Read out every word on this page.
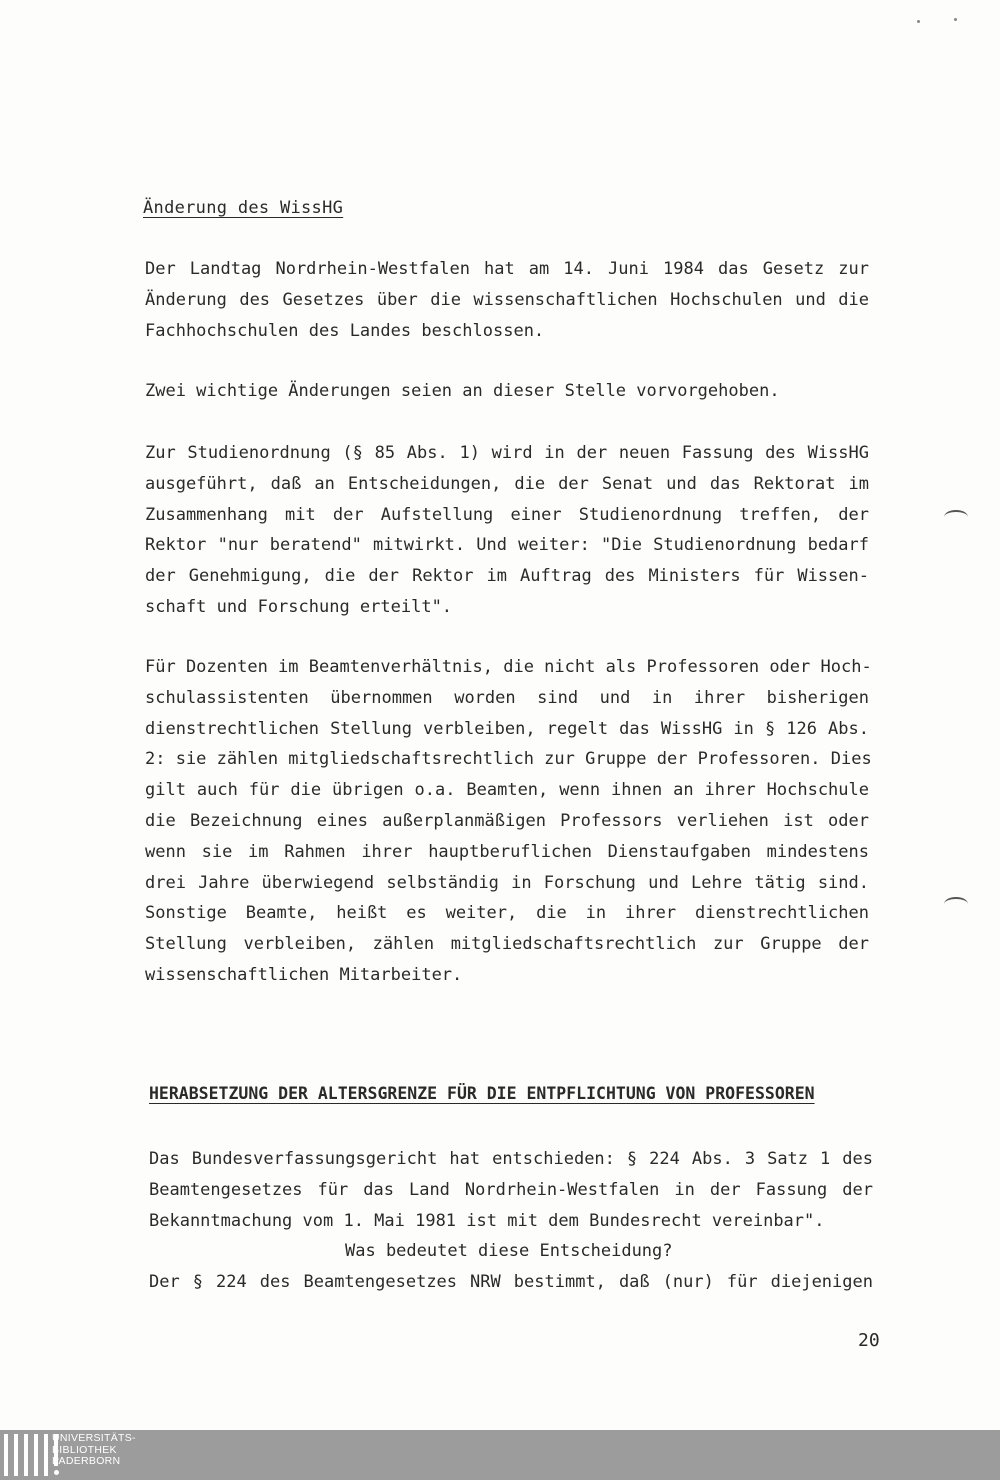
Änderung des WissHG
Der Landtag Nordrhein-Westfalen hat am 14. Juni 1984 das Gesetz zur
Änderung des Gesetzes über die wissenschaftlichen Hochschulen und die
Fachhochschulen des Landes beschlossen.
Zwei wichtige Änderungen seien an dieser Stelle vorvorgehoben.
Zur Studienordnung (§ 85 Abs. 1) wird in der neuen Fassung des WissHG
ausgeführt, daß an Entscheidungen, die der Senat und das Rektorat im
Zusammenhang mit der Aufstellung einer Studienordnung treffen, der
Rektor "nur beratend" mitwirkt. Und weiter: "Die Studienordnung bedarf
der Genehmigung, die der Rektor im Auftrag des Ministers für Wissen-
schaft und Forschung erteilt".
Für Dozenten im Beamtenverhältnis, die nicht als Professoren oder Hoch-
schulassistenten übernommen worden sind und in ihrer bisherigen
dienstrechtlichen Stellung verbleiben, regelt das WissHG in § 126 Abs.
2: sie zählen mitgliedschaftsrechtlich zur Gruppe der Professoren. Dies
gilt auch für die übrigen o.a. Beamten, wenn ihnen an ihrer Hochschule
die Bezeichnung eines außerplanmäßigen Professors verliehen ist oder
wenn sie im Rahmen ihrer hauptberuflichen Dienstaufgaben mindestens
drei Jahre überwiegend selbständig in Forschung und Lehre tätig sind.
Sonstige Beamte, heißt es weiter, die in ihrer dienstrechtlichen
Stellung verbleiben, zählen mitgliedschaftsrechtlich zur Gruppe der
wissenschaftlichen Mitarbeiter.
HERABSETZUNG DER ALTERSGRENZE FÜR DIE ENTPFLICHTUNG VON PROFESSOREN
Das Bundesverfassungsgericht hat entschieden: § 224 Abs. 3 Satz 1 des
Beamtengesetzes für das Land Nordrhein-Westfalen in der Fassung der
Bekanntmachung vom 1. Mai 1981 ist mit dem Bundesrecht vereinbar".
Was bedeutet diese Entscheidung?
Der § 224 des Beamtengesetzes NRW bestimmt, daß (nur) für diejenigen
20
UNIVERSITÄTS-
BIBLIOTHEK
PADERBORN
